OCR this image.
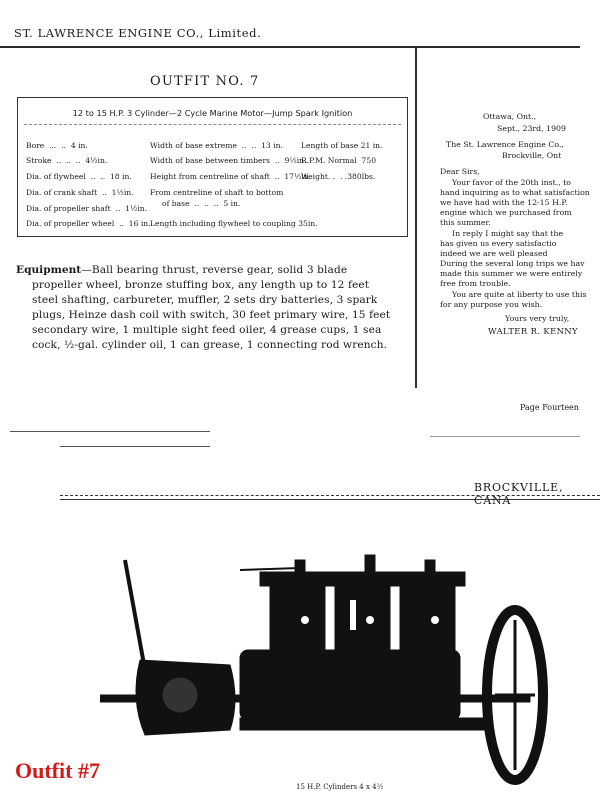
ST. LAWRENCE ENGINE CO., Limited.
OUTFIT NO. 7
12 to 15 H.P. 3 Cylinder—2 Cycle Marine Motor—Jump Spark Ignition
Bore  ...  ..  4 in.
Stroke  ..  ..  ..  4½in.
Dia. of flywheel  ..  ..  18 in.
Dia. of crank shaft  ..  1½in.
Dia. of propeller shaft  ..  1½in.
Dia. of propeller wheel  ..  16 in.
Width of base extreme  ..  ..  13 in.
Width of base between timbers  ..  9½in.
Height from centreline of shaft  ..  17½in.
From centreline of shaft to bottom
of base  ..  ..  ..  5 in.
Length including flywheel to coupling 35in.
Length of base 21 in.
R.P.M. Normal  750
Weight. .  . .380lbs.
Equipment—Ball bearing thrust, reverse gear, solid 3 blade propeller wheel, bronze stuffing box, any length up to 12 feet steel shafting, carbureter, muffler, 2 sets dry batteries, 3 spark plugs, Heinze dash coil with switch, 30 feet primary wire, 15 feet secondary wire, 1 multiple sight feed oiler, 4 grease cups, 1 sea cock, ½-gal. cylinder oil, 1 can grease, 1 connecting rod wrench.
Ottawa, Ont.,
Sept., 23rd, 1909
The St. Lawrence Engine Co.,
Brockville, Ont
Dear Sirs,
Your favor of the 20th inst., to
hand inquiring as to what satisfaction
we have had with the 12-15 H.P.
engine which we purchased from
this summer.
In reply I might say that the
has given us every satisfactio
indeed we are well pleased
During the several long trips we hav
made this summer we were entirely
free from trouble.
You are quite at liberty to use this
for any purpose you wish.
Yours very truly,
WALTER R. KENNY
Page Fourteen
BROCKVILLE, CANA
Outfit #7
15 H.P. Cylinders 4 x 4½
